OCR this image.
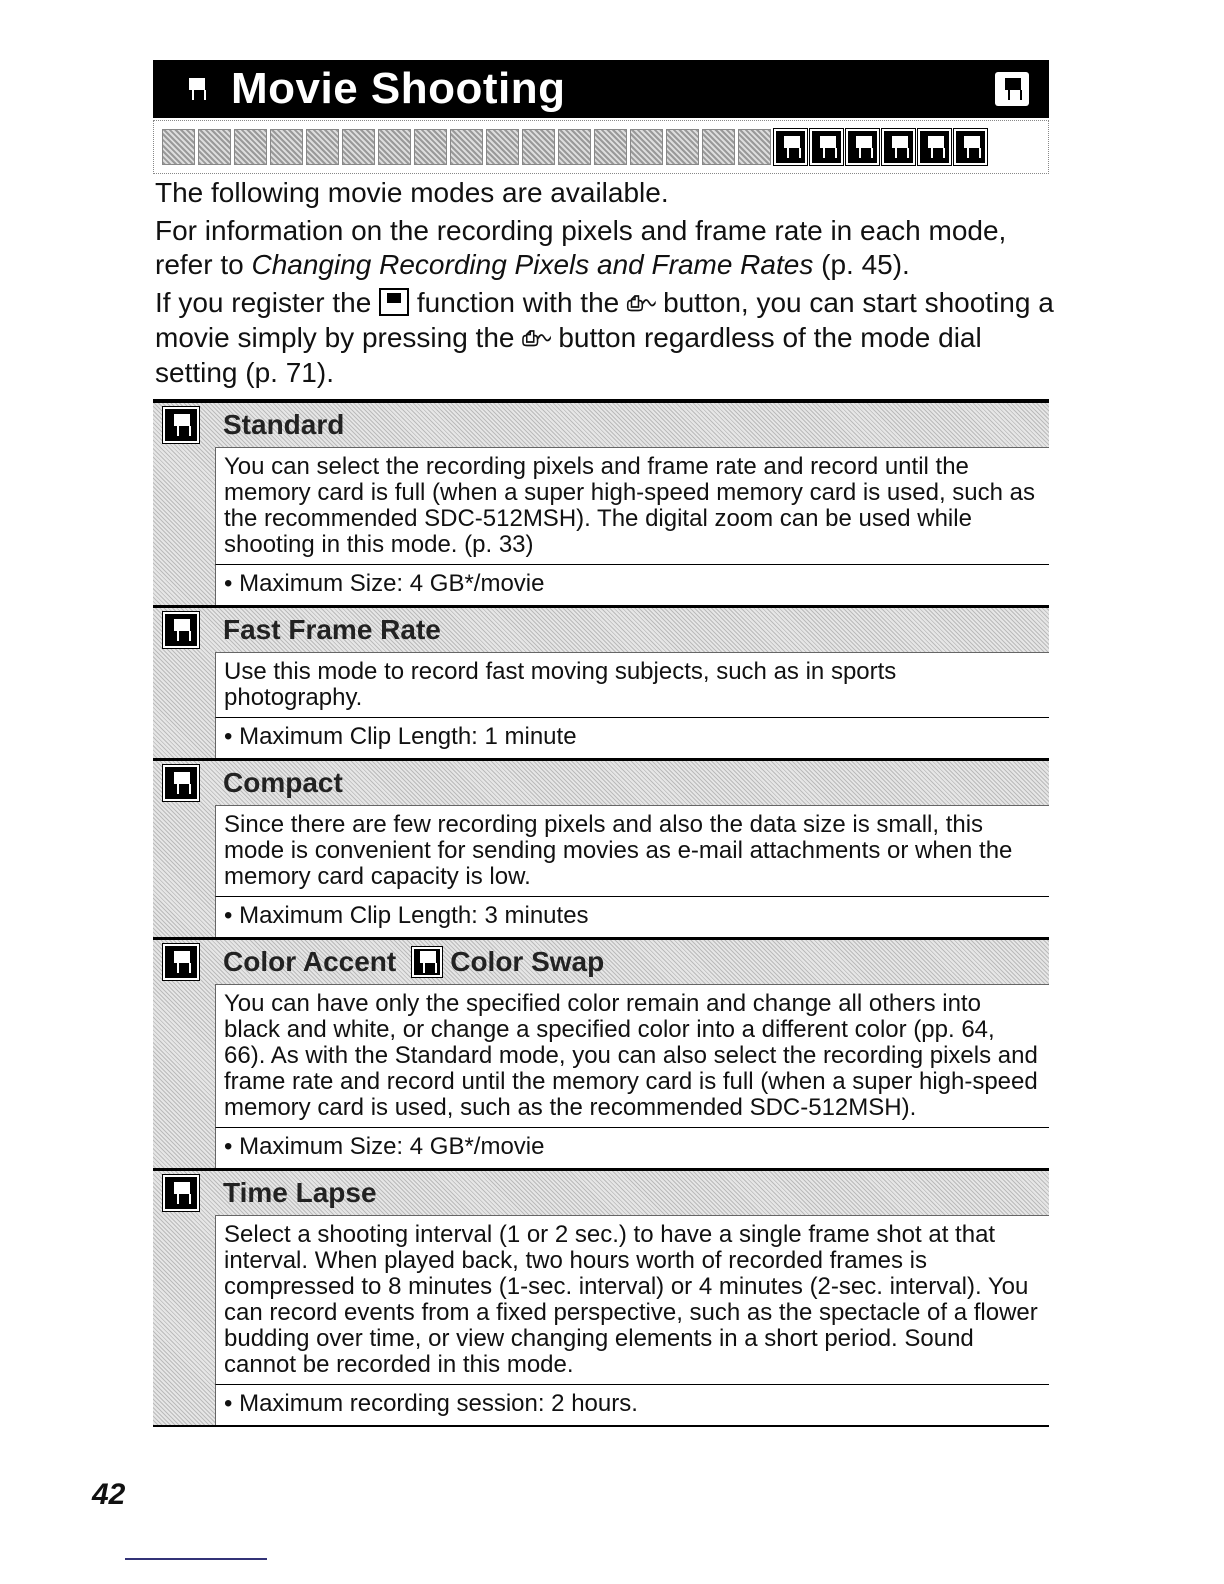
Movie Shooting

The following movie modes are available.

For information on the recording pixels and frame rate in each mode, refer to Changing Recording Pixels and Frame Rates (p. 45).

If you register the  function with the ⎙∿ button, you can start shooting a movie simply by pressing the ⎙∿ button regardless of the mode dial setting (p. 71).

Standard
You can select the recording pixels and frame rate and record until the memory card is full (when a super high-speed memory card is used, such as the recommended SDC-512MSH). The digital zoom can be used while shooting in this mode. (p. 33)
• Maximum Size: 4 GB*/movie
Fast Frame Rate
Use this mode to record fast moving subjects, such as in sports photography.
• Maximum Clip Length: 1 minute
Compact
Since there are few recording pixels and also the data size is small, this mode is convenient for sending movies as e-mail attachments or when the memory card capacity is low.
• Maximum Clip Length: 3 minutes
Color Accent Color Swap
You can have only the specified color remain and change all others into black and white, or change a specified color into a different color (pp. 64, 66). As with the Standard mode, you can also select the recording pixels and frame rate and record until the memory card is full (when a super high-speed memory card is used, such as the recommended SDC-512MSH).
• Maximum Size: 4 GB*/movie
Time Lapse
Select a shooting interval (1 or 2 sec.) to have a single frame shot at that interval. When played back, two hours worth of recorded frames is compressed to 8 minutes (1-sec. interval) or 4 minutes (2-sec. interval). You can record events from a fixed perspective, such as the spectacle of a flower budding over time, or view changing elements in a short period. Sound cannot be recorded in this mode.
• Maximum recording session: 2 hours.
42
